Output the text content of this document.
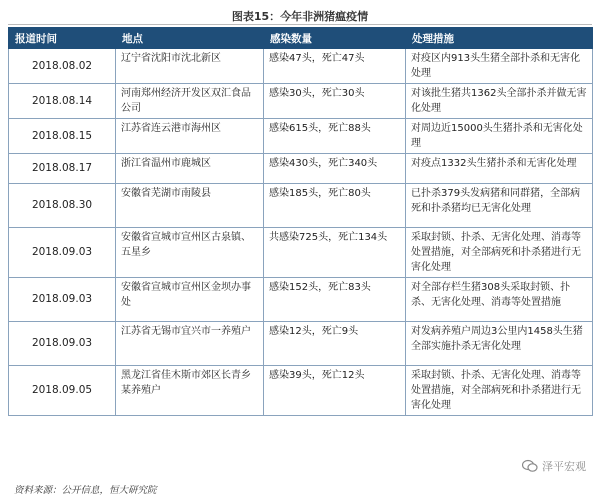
图表15：今年非洲猪瘟疫情
报道时间	地点	感染数量	处理措施
2018.08.02	辽宁省沈阳市沈北新区	感染47头，死亡47头	对疫区内913头生猪全部扑杀和无害化处理
2018.08.14	河南郑州经济开发区双汇食品公司	感染30头，死亡30头	对该批生猪共1362头全部扑杀并做无害化处理
2018.08.15	江苏省连云港市海州区	感染615头，死亡88头	对周边近15000头生猪扑杀和无害化处理
2018.08.17	浙江省温州市鹿城区	感染430头，死亡340头	对疫点1332头生猪扑杀和无害化处理
2018.08.30	安徽省芜湖市南陵县	感染185头，死亡80头	已扑杀379头发病猪和同群猪，全部病死和扑杀猪均已无害化处理
2018.09.03	安徽省宣城市宣州区古泉镇、五星乡	共感染725头，死亡134头	采取封锁、扑杀、无害化处理、消毒等处置措施，对全部病死和扑杀猪进行无害化处理
2018.09.03	安徽省宣城市宣州区金坝办事处	感染152头，死亡83头	对全部存栏生猪308头采取封锁、扑杀、无害化处理、消毒等处置措施
2018.09.03	江苏省无锡市宜兴市一养殖户	感染12头，死亡9头	对发病养殖户周边3公里内1458头生猪全部实施扑杀无害化处理
2018.09.05	黑龙江省佳木斯市郊区长青乡某养殖户	感染39头，死亡12头	采取封锁、扑杀、无害化处理、消毒等处置措施，对全部病死和扑杀猪进行无害化处理
泽平宏观
资料来源：公开信息，恒大研究院
